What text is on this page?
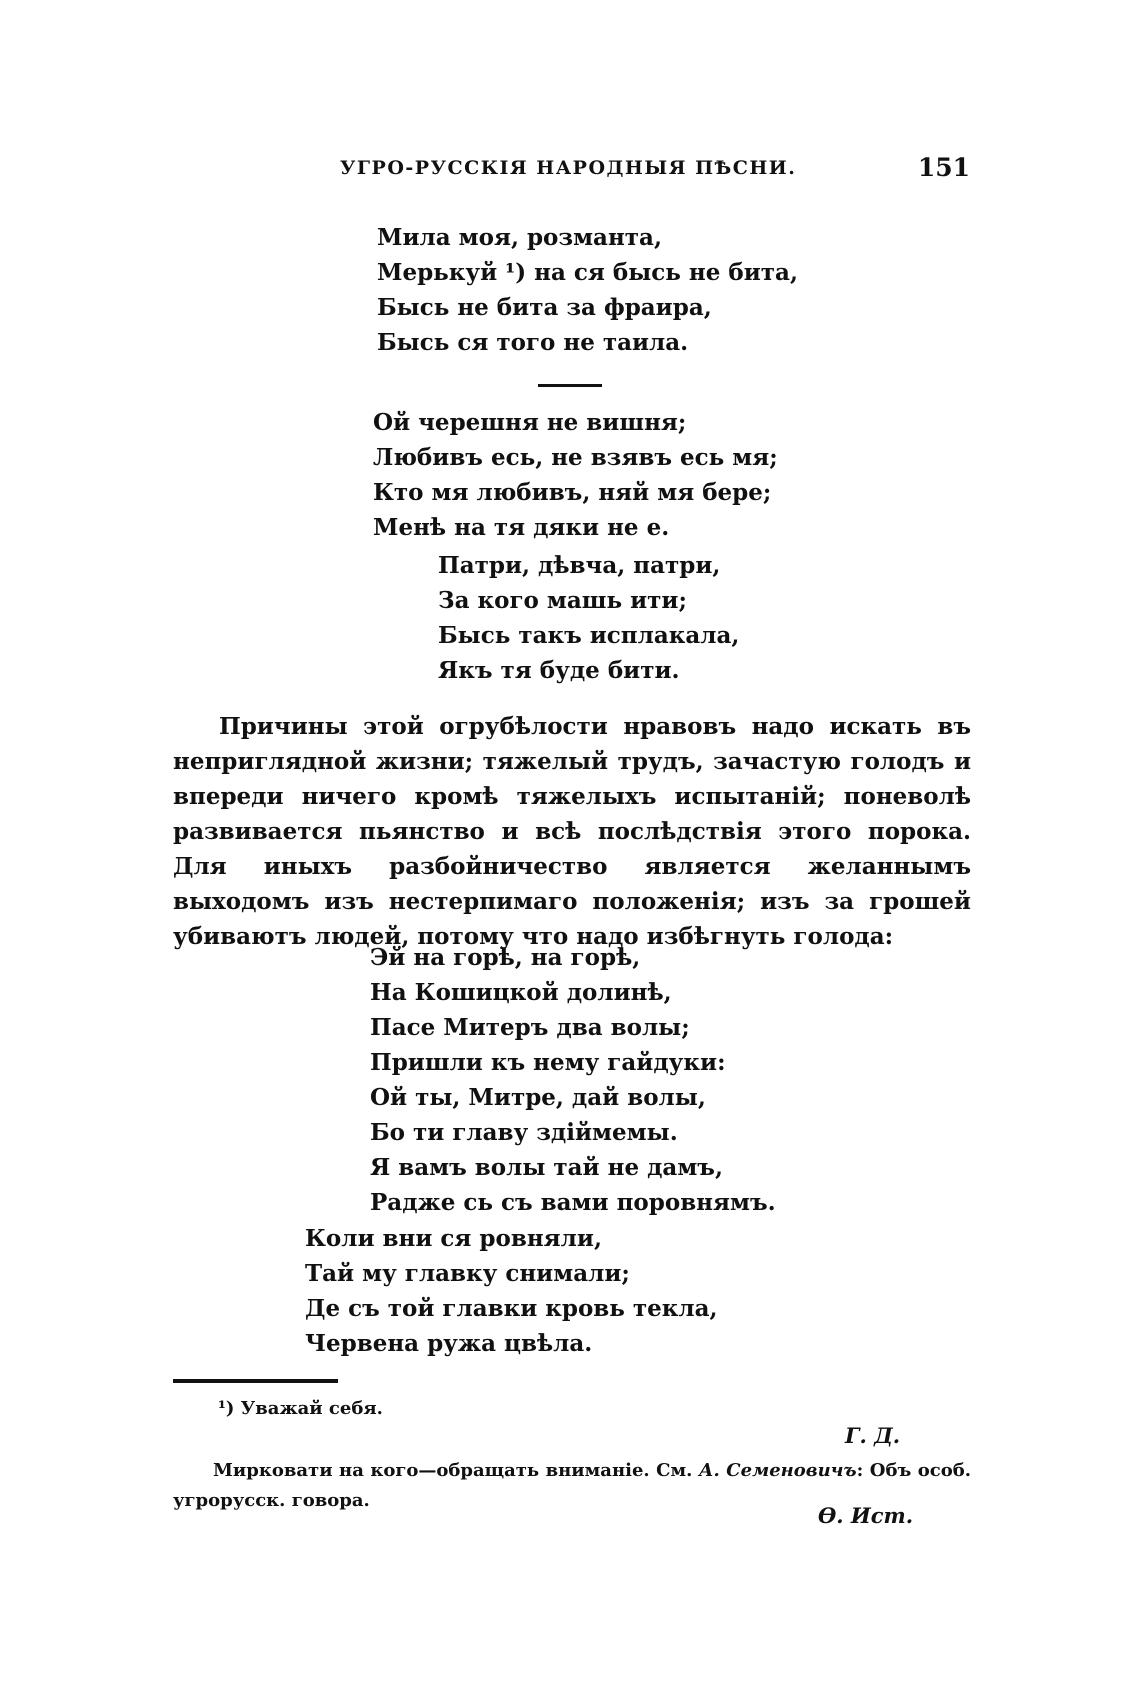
УГРО-РУССКІЯ НАРОДНЫЯ ПѢСНИ.	151
Мила моя, розманта,
Мерькуй ¹) на ся бысь не бита,
Бысь не бита за фраира,
Бысь ся того не таила.
Ой черешня не вишня;
Любивъ есь, не взявъ есь мя;
Кто мя любивъ, няй мя бере;
Менѣ на тя дяки не е.
Патри, дѣвча, патри,
За кого машь ити;
Бысь такъ исплакала,
Якъ тя буде бити.

Причины этой огрубѣлости нравовъ надо искать въ неприглядной жизни; тяжелый трудъ, зачастую голодъ и впереди ничего кромѣ тяжелыхъ испытаній; поневолѣ развивается пьянство и всѣ послѣдствія этого порока. Для иныхъ разбойничество является желаннымъ выходомъ изъ нестерпимаго положенія; изъ за грошей убиваютъ людей, потому что надо избѣгнуть голода:

Эй на горѣ, на горѣ,
На Кошицкой долинѣ,
Пасе Митеръ два волы;
Пришли къ нему гайдуки:
Ой ты, Митре, дай волы,
Бо ти главу здіймемы.
Я вамъ волы тай не дамъ,
Радже сь съ вами поровнямъ.
Коли вни ся ровняли,
Тай му главку снимали;
Де съ той главки кровь текла,
Червена ружа цвѣла.
¹) Уважай себя.
Г. Д.

Мирковати на кого—обращать вниманіе. См. А. Семеновичъ: Объ особ. угрорусск. говора.

Ѳ. Ист.
